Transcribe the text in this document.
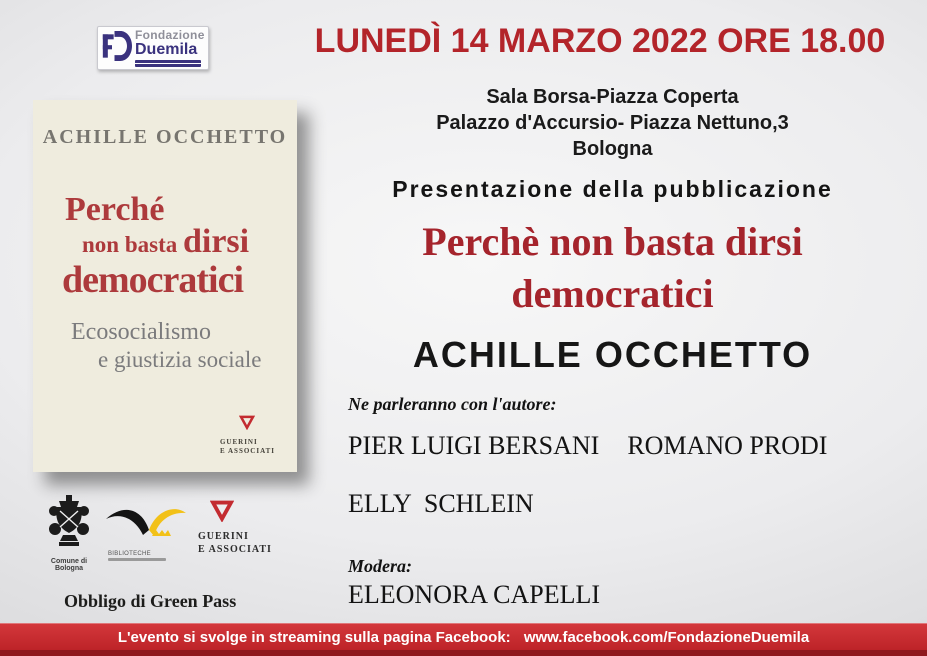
Fondazione
Duemila	LUNEDÌ 14 MARZO 2022 ORE 18.00
Sala Borsa-Piazza Coperta
Palazzo d'Accursio- Piazza Nettuno,3
Bologna
Presentazione della pubblicazione
Perchè non basta dirsi
democratici
ACHILLE OCCHETTO
Ne parleranno con l'autore:
PIER LUIGI BERSANI ROMANO PRODI
ELLY  SCHLEIN
Modera:
ELEONORA CAPELLI
ACHILLE OCCHETTO
Perché
non basta dirsi
democratici
Ecosocialismo
e giustizia sociale
GUERINI
E ASSOCIATI
Comune di Bologna
BIBLIOTECHE
GUERINI
E ASSOCIATI
Obbligo di Green Pass
L'evento si svolge in streaming sulla pagina Facebook: www.facebook.com/FondazioneDuemila
